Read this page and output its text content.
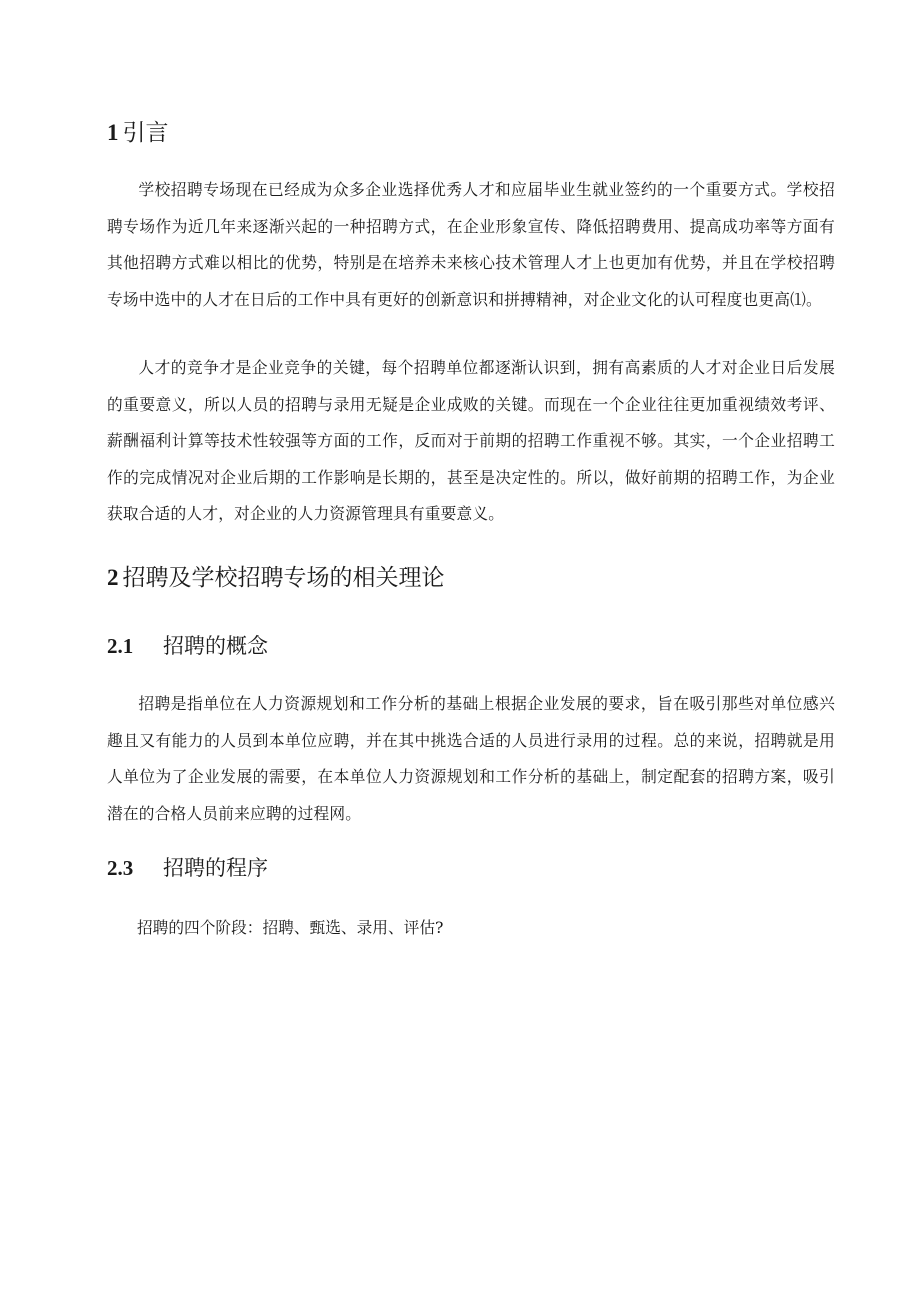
1 引言

学校招聘专场现在已经成为众多企业选择优秀人才和应届毕业生就业签约的一个重要方式。学校招聘专场作为近几年来逐渐兴起的一种招聘方式，在企业形象宣传、降低招聘费用、提高成功率等方面有其他招聘方式难以相比的优势，特别是在培养未来核心技术管理人才上也更加有优势，并且在学校招聘专场中选中的人才在日后的工作中具有更好的创新意识和拼搏精神，对企业文化的认可程度也更高⑴。

人才的竞争才是企业竞争的关键，每个招聘单位都逐渐认识到，拥有高素质的人才对企业日后发展的重要意义，所以人员的招聘与录用无疑是企业成败的关键。而现在一个企业往往更加重视绩效考评、薪酬福利计算等技术性较强等方面的工作，反而对于前期的招聘工作重视不够。其实，一个企业招聘工作的完成情况对企业后期的工作影响是长期的，甚至是决定性的。所以，做好前期的招聘工作，为企业获取合适的人才，对企业的人力资源管理具有重要意义。

2 招聘及学校招聘专场的相关理论
2.1 招聘的概念

招聘是指单位在人力资源规划和工作分析的基础上根据企业发展的要求，旨在吸引那些对单位感兴趣且又有能力的人员到本单位应聘，并在其中挑选合适的人员进行录用的过程。总的来说，招聘就是用人单位为了企业发展的需要，在本单位人力资源规划和工作分析的基础上，制定配套的招聘方案，吸引潜在的合格人员前来应聘的过程网。

2.3 招聘的程序

招聘的四个阶段：招聘、甄选、录用、评估?
